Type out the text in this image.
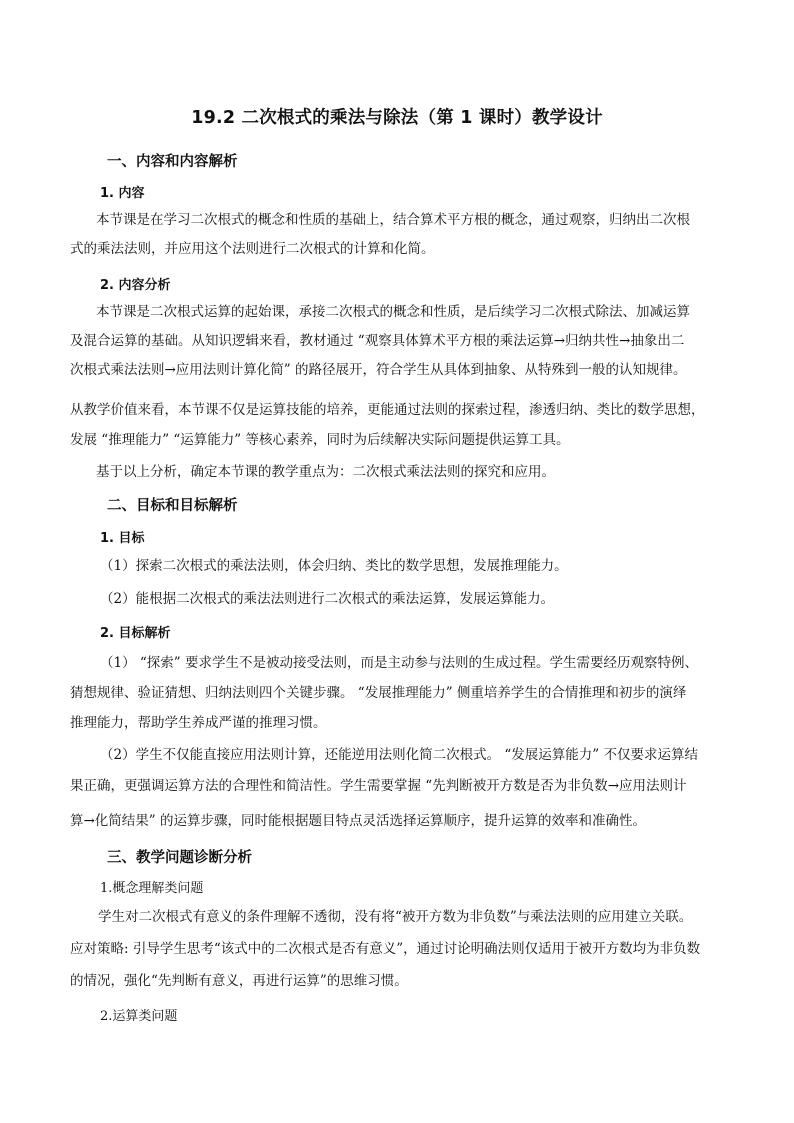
19.2 二次根式的乘法与除法（第 1 课时）教学设计
一、内容和内容解析
1. 内容
本节课是在学习二次根式的概念和性质的基础上，结合算术平方根的概念，通过观察，归纳出二次根
式的乘法法则，并应用这个法则进行二次根式的计算和化简。
2. 内容分析
本节课是二次根式运算的起始课，承接二次根式的概念和性质，是后续学习二次根式除法、加减运算
及混合运算的基础。从知识逻辑来看，教材通过 “观察具体算术平方根的乘法运算→归纳共性→抽象出二
次根式乘法法则→应用法则计算化简” 的路径展开，符合学生从具体到抽象、从特殊到一般的认知规律。
从教学价值来看，本节课不仅是运算技能的培养，更能通过法则的探索过程，渗透归纳、类比的数学思想，
发展 “推理能力” “运算能力” 等核心素养，同时为后续解决实际问题提供运算工具。
基于以上分析，确定本节课的教学重点为：二次根式乘法法则的探究和应用。
二、目标和目标解析
1. 目标
（1）探索二次根式的乘法法则，体会归纳、类比的数学思想，发展推理能力。
（2）能根据二次根式的乘法法则进行二次根式的乘法运算，发展运算能力。
2. 目标解析
（1） “探索” 要求学生不是被动接受法则，而是主动参与法则的生成过程。学生需要经历观察特例、
猜想规律、验证猜想、归纳法则四个关键步骤。 “发展推理能力” 侧重培养学生的合情推理和初步的演绎
推理能力，帮助学生养成严谨的推理习惯。
（2）学生不仅能直接应用法则计算，还能逆用法则化简二次根式。 “发展运算能力” 不仅要求运算结
果正确，更强调运算方法的合理性和简洁性。学生需要掌握 “先判断被开方数是否为非负数→应用法则计
算→化简结果” 的运算步骤，同时能根据题目特点灵活选择运算顺序，提升运算的效率和准确性。
三、教学问题诊断分析
1.概念理解类问题
学生对二次根式有意义的条件理解不透彻，没有将“被开方数为非负数”与乘法法则的应用建立关联。
应对策略: 引导学生思考“该式中的二次根式是否有意义”，通过讨论明确法则仅适用于被开方数均为非负数
的情况，强化“先判断有意义，再进行运算”的思维习惯。
2.运算类问题
